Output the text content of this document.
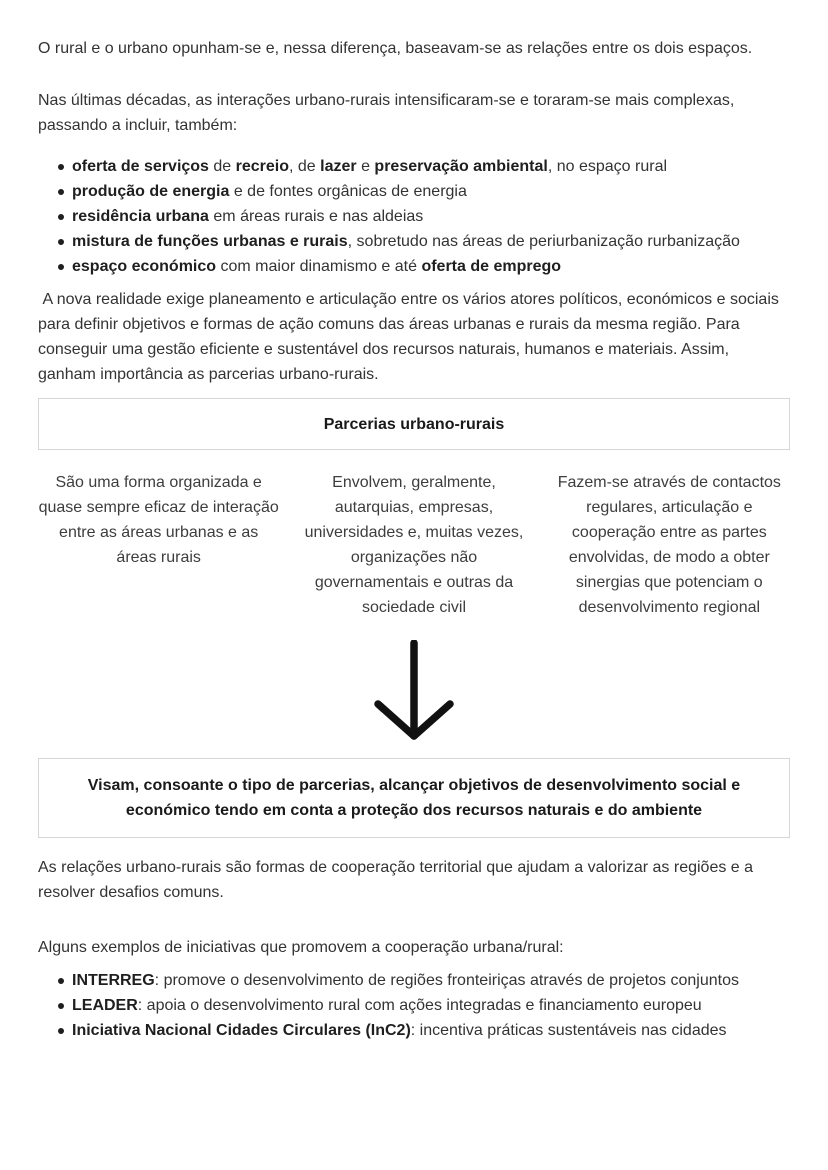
O rural e o urbano opunham-se e, nessa diferença, baseavam-se as relações entre os dois espaços.

Nas últimas décadas, as interações urbano-rurais intensificaram-se e toraram-se mais complexas, passando a incluir, também:

oferta de serviços de recreio, de lazer e preservação ambiental, no espaço rural
produção de energia e de fontes orgânicas de energia
residência urbana em áreas rurais e nas aldeias
mistura de funções urbanas e rurais, sobretudo nas áreas de periurbanização rurbanização
espaço económico com maior dinamismo e até oferta de emprego

A nova realidade exige planeamento e articulação entre os vários atores políticos, económicos e sociais para definir objetivos e formas de ação comuns das áreas urbanas e rurais da mesma região. Para conseguir uma gestão eficiente e sustentável dos recursos naturais, humanos e materiais. Assim, ganham importância as parcerias urbano-rurais.

Parcerias urbano-rurais
São uma forma organizada e quase sempre eficaz de interação entre as áreas urbanas e as áreas rurais
Envolvem, geralmente, autarquias, empresas, universidades e, muitas vezes, organizações não governamentais e outras da sociedade civil
Fazem-se através de contactos regulares, articulação e cooperação entre as partes envolvidas, de modo a obter sinergias que potenciam o desenvolvimento regional
Visam, consoante o tipo de parcerias, alcançar objetivos de desenvolvimento social e económico tendo em conta a proteção dos recursos naturais e do ambiente

As relações urbano-rurais são formas de cooperação territorial que ajudam a valorizar as regiões e a resolver desafios comuns.

Alguns exemplos de iniciativas que promovem a cooperação urbana/rural:

INTERREG: promove o desenvolvimento de regiões fronteiriças através de projetos conjuntos
LEADER: apoia o desenvolvimento rural com ações integradas e financiamento europeu
Iniciativa Nacional Cidades Circulares (InC2): incentiva práticas sustentáveis nas cidades
